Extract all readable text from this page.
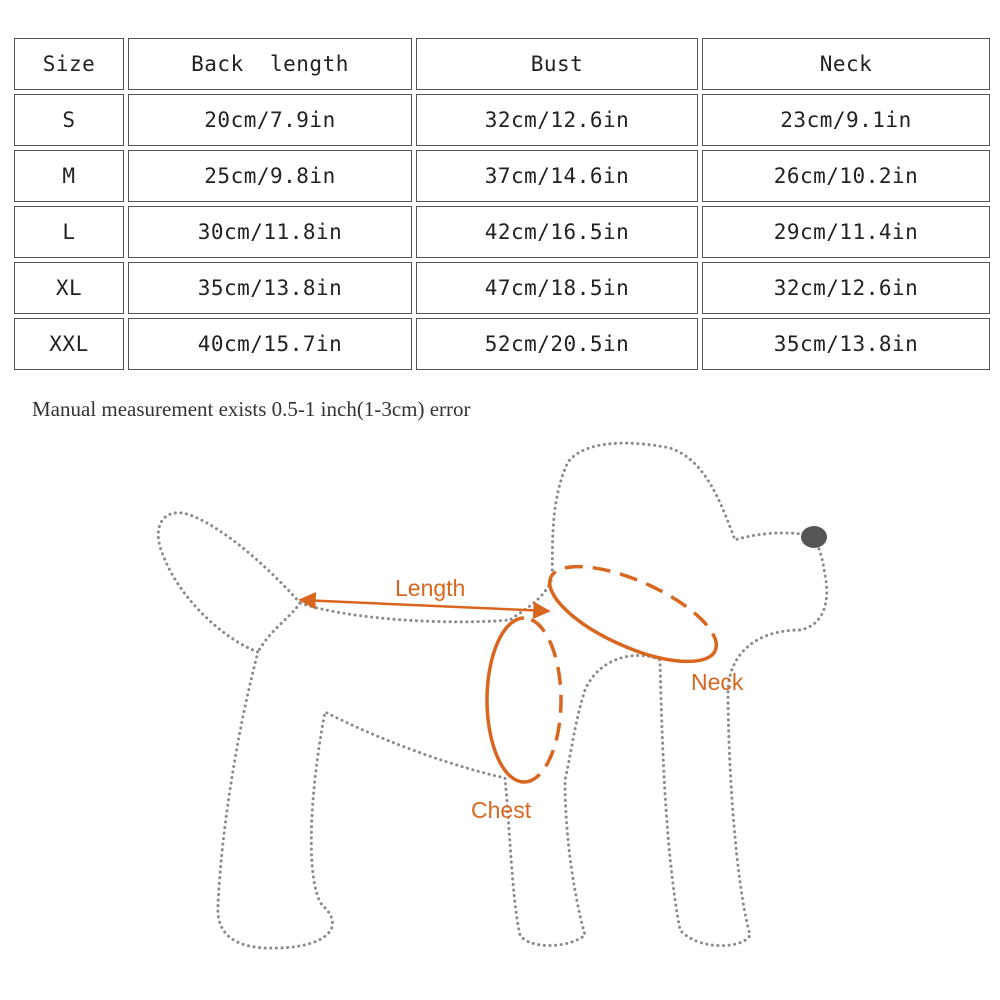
Size	Back  length	Bust	Neck
S	20cm/7.9in	32cm/12.6in	23cm/9.1in
M	25cm/9.8in	37cm/14.6in	26cm/10.2in
L	30cm/11.8in	42cm/16.5in	29cm/11.4in
XL	35cm/13.8in	47cm/18.5in	32cm/12.6in
XXL	40cm/15.7in	52cm/20.5in	35cm/13.8in
Manual measurement exists 0.5-1 inch(1-3cm) error
Length
Neck
Chest
